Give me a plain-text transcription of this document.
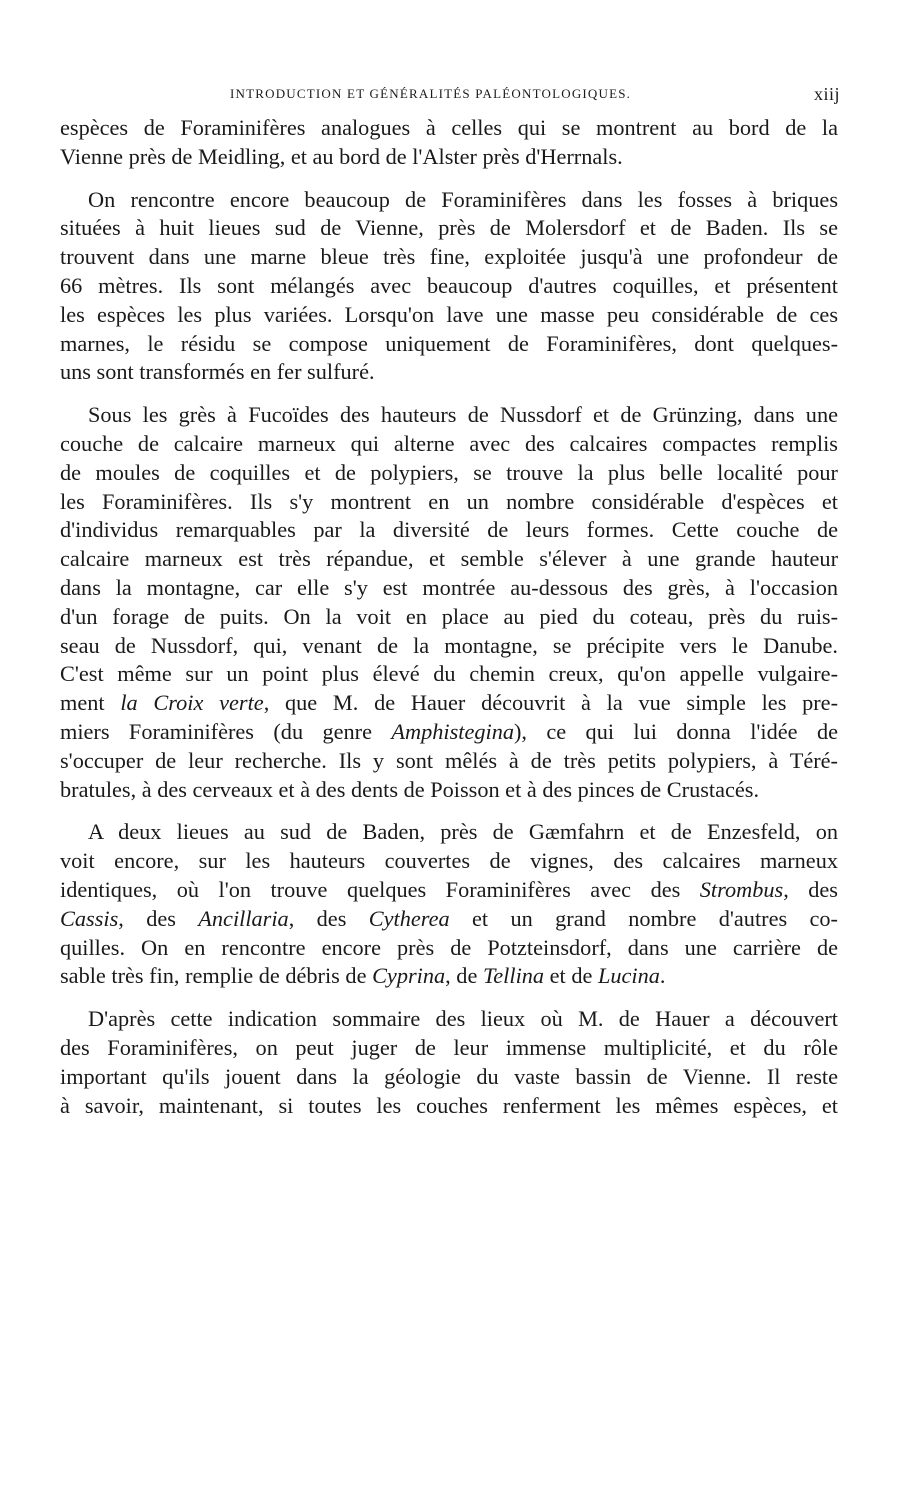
INTRODUCTION ET GÉNÉRALITÉS PALÉONTOLOGIQUES.	xiij
espèces de Foraminifères analogues à celles qui se montrent au bord de la
Vienne près de Meidling, et au bord de l'Alster près d'Herrnals.
On rencontre encore beaucoup de Foraminifères dans les fosses à briques
situées à huit lieues sud de Vienne, près de Molersdorf et de Baden. Ils se
trouvent dans une marne bleue très fine, exploitée jusqu'à une profondeur de
66 mètres. Ils sont mélangés avec beaucoup d'autres coquilles, et présentent
les espèces les plus variées. Lorsqu'on lave une masse peu considérable de ces
marnes, le résidu se compose uniquement de Foraminifères, dont quelques-
uns sont transformés en fer sulfuré.
Sous les grès à Fucoïdes des hauteurs de Nussdorf et de Grünzing, dans une
couche de calcaire marneux qui alterne avec des calcaires compactes remplis
de moules de coquilles et de polypiers, se trouve la plus belle localité pour
les Foraminifères. Ils s'y montrent en un nombre considérable d'espèces et
d'individus remarquables par la diversité de leurs formes. Cette couche de
calcaire marneux est très répandue, et semble s'élever à une grande hauteur
dans la montagne, car elle s'y est montrée au-dessous des grès, à l'occasion
d'un forage de puits. On la voit en place au pied du coteau, près du ruis-
seau de Nussdorf, qui, venant de la montagne, se précipite vers le Danube.
C'est même sur un point plus élevé du chemin creux, qu'on appelle vulgaire-
ment la Croix verte, que M. de Hauer découvrit à la vue simple les pre-
miers Foraminifères (du genre Amphistegina), ce qui lui donna l'idée de
s'occuper de leur recherche. Ils y sont mêlés à de très petits polypiers, à Téré-
bratules, à des cerveaux et à des dents de Poisson et à des pinces de Crustacés.
A deux lieues au sud de Baden, près de Gæmfahrn et de Enzesfeld, on
voit encore, sur les hauteurs couvertes de vignes, des calcaires marneux
identiques, où l'on trouve quelques Foraminifères avec des Strombus, des
Cassis, des Ancillaria, des Cytherea et un grand nombre d'autres co-
quilles. On en rencontre encore près de Potzteinsdorf, dans une carrière de
sable très fin, remplie de débris de Cyprina, de Tellina et de Lucina.
D'après cette indication sommaire des lieux où M. de Hauer a découvert
des Foraminifères, on peut juger de leur immense multiplicité, et du rôle
important qu'ils jouent dans la géologie du vaste bassin de Vienne. Il reste
à savoir, maintenant, si toutes les couches renferment les mêmes espèces, et
